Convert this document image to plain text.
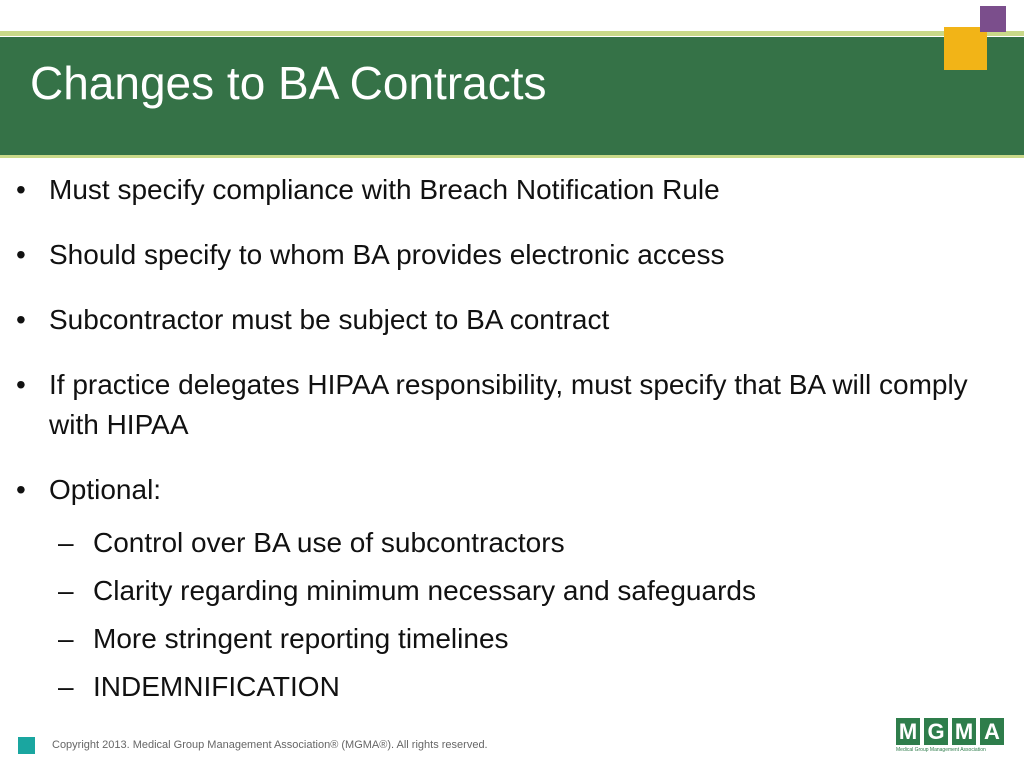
Changes to BA Contracts
• Must specify compliance with Breach Notification Rule
• Should specify to whom BA provides electronic access
• Subcontractor must be subject to BA contract
• If practice delegates HIPAA responsibility, must specify that BA will comply with HIPAA
• Optional:
– Control over BA use of subcontractors
– Clarity regarding minimum necessary and safeguards
– More stringent reporting timelines
– INDEMNIFICATION
Copyright 2013. Medical Group Management Association® (MGMA®). All rights reserved.
M G M A
Medical Group Management Association
